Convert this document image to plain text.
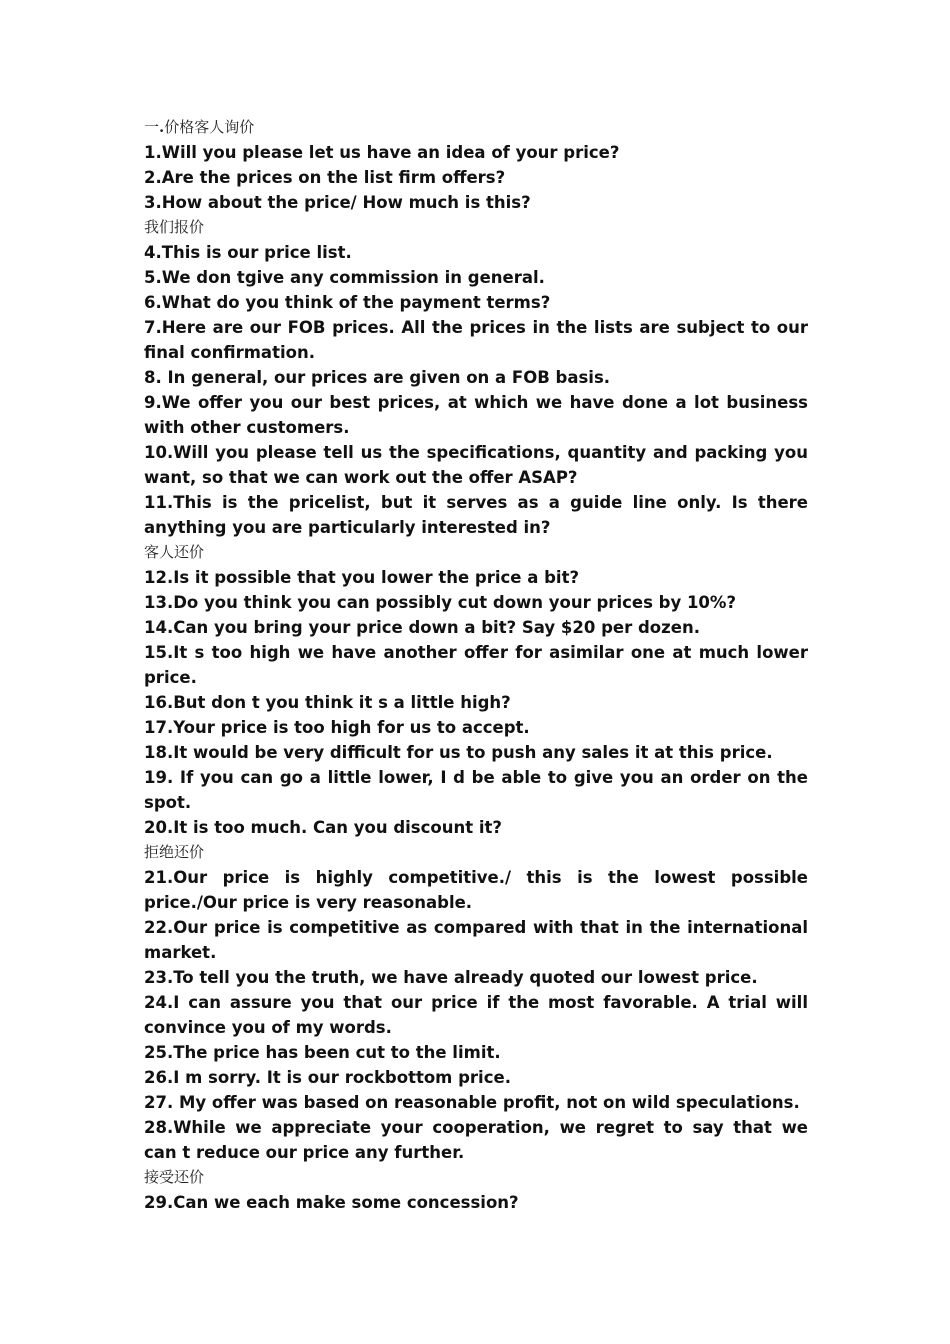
一.价格客人询价
1.Will you please let us have an idea of your price?
2.Are the prices on the list firm offers?
3.How about the price/ How much is this?
我们报价
4.This is our price list.
5.We don tgive any commission in general.
6.What do you think of the payment terms?
7.Here are our FOB prices. All the prices in the lists are subject to our
final confirmation.
8. In general, our prices are given on a FOB basis.
9.We offer you our best prices, at which we have done a lot business
with other customers.
10.Will you please tell us the specifications, quantity and packing you
want, so that we can work out the offer ASAP?
11.This is the pricelist, but it serves as a guide line only. Is there
anything you are particularly interested in?
客人还价
12.Is it possible that you lower the price a bit?
13.Do you think you can possibly cut down your prices by 10%?
14.Can you bring your price down a bit? Say $20 per dozen.
15.It s too high we have another offer for asimilar one at much lower
price.
16.But don t you think it s a little high?
17.Your price is too high for us to accept.
18.It would be very difficult for us to push any sales it at this price.
19. If you can go a little lower, I d be able to give you an order on the
spot.
20.It is too much. Can you discount it?
拒绝还价
21.Our price is highly competitive./ this is the lowest possible
price./Our price is very reasonable.
22.Our price is competitive as compared with that in the international
market.
23.To tell you the truth, we have already quoted our lowest price.
24.I can assure you that our price if the most favorable. A trial will
convince you of my words.
25.The price has been cut to the limit.
26.I m sorry. It is our rockbottom price.
27. My offer was based on reasonable profit, not on wild speculations.
28.While we appreciate your cooperation, we regret to say that we
can t reduce our price any further.
接受还价
29.Can we each make some concession?
